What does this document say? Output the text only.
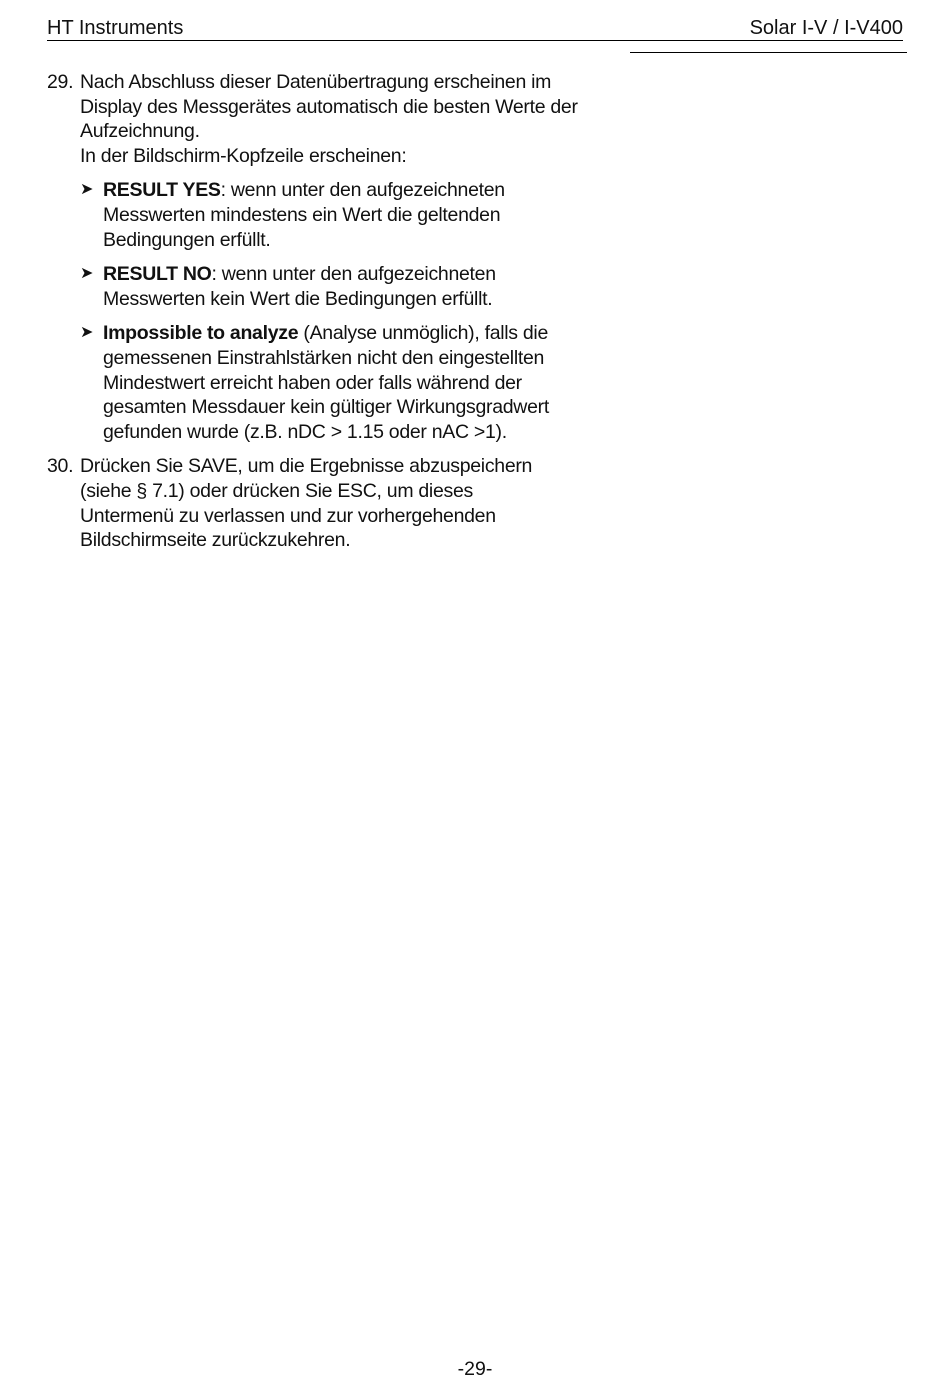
HT Instruments	Solar I-V / I-V400
29. Nach Abschluss dieser Datenübertragung erscheinen im

Display des Messgerätes automatisch die besten Werte der

Aufzeichnung.

In der Bildschirm-Kopfzeile erscheinen:

➤ RESULT YES: wenn unter den aufgezeichneten

Messwerten mindestens ein Wert die geltenden

Bedingungen erfüllt.

➤ RESULT NO: wenn unter den aufgezeichneten

Messwerten kein Wert die Bedingungen erfüllt.

➤ Impossible to analyze (Analyse unmöglich), falls die

gemessenen Einstrahlstärken nicht den eingestellten

Mindestwert erreicht haben oder falls während der

gesamten Messdauer kein gültiger Wirkungsgradwert

gefunden wurde (z.B. nDC > 1.15 oder nAC >1).

30. Drücken Sie SAVE, um die Ergebnisse abzuspeichern

(siehe § 7.1) oder drücken Sie ESC, um dieses

Untermenü zu verlassen und zur vorhergehenden

Bildschirmseite zurückzukehren.

-29-
